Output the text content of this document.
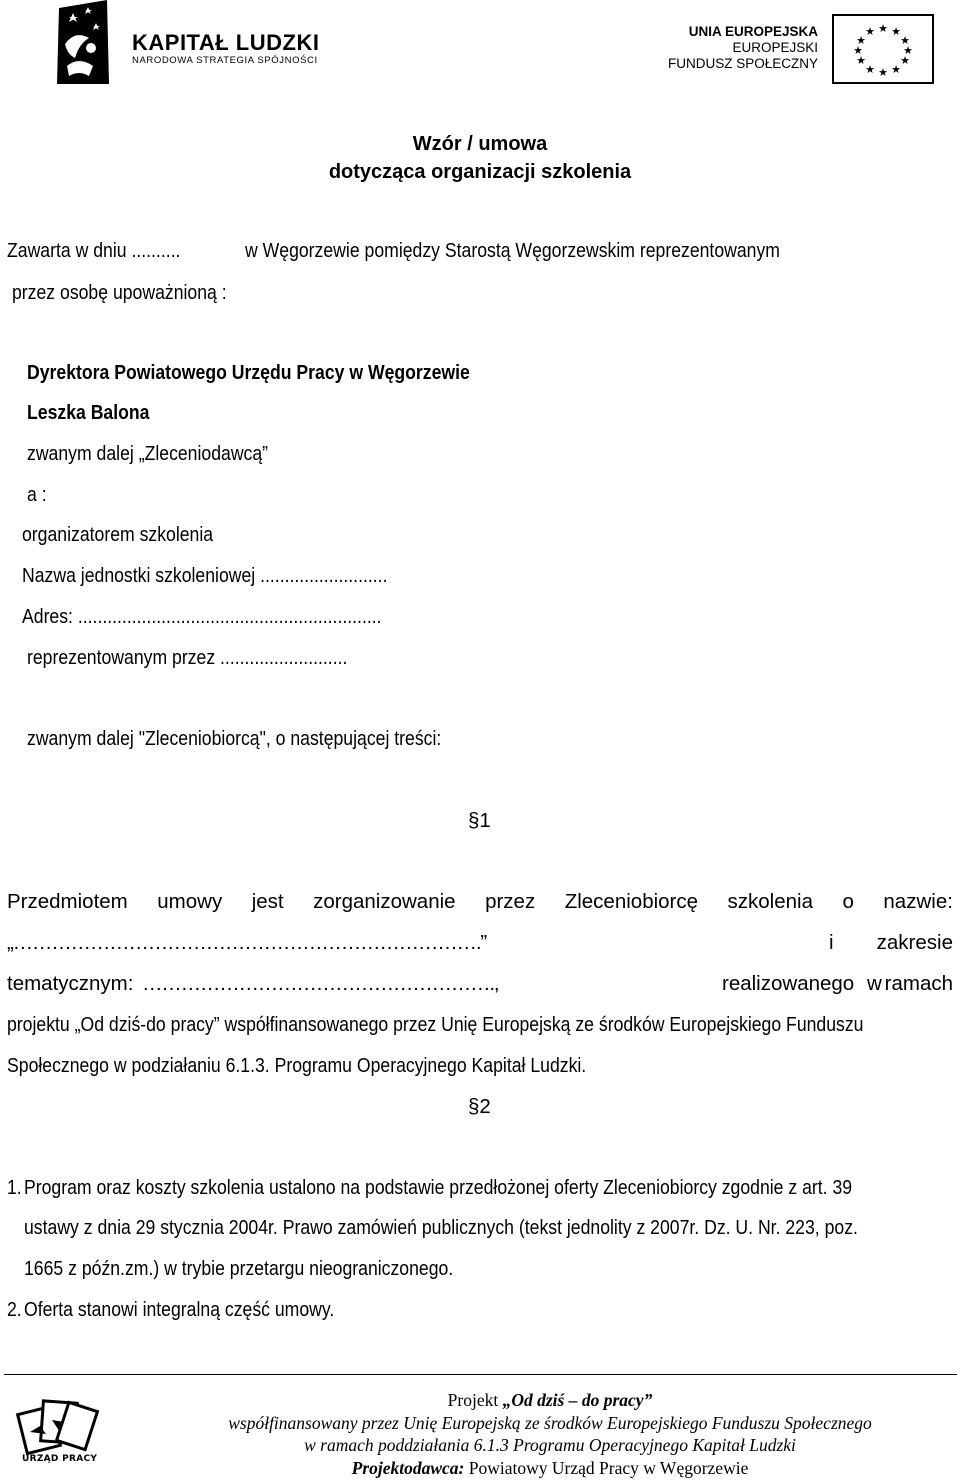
KAPITAŁ LUDZKI
NARODOWA STRATEGIA SPÓJNOŚCI
UNIA EUROPEJSKA
EUROPEJSKI
FUNDUSZ SPOŁECZNY
★ ★
★
★
★
★
★
★
★
★
★
★
Wzór / umowa
dotycząca organizacji szkolenia
Zawarta w dniu ..........	w Węgorzewie pomiędzy Starostą Węgorzewskim reprezentowanym
przez osobę upoważnioną :
Dyrektora Powiatowego Urzędu Pracy w Węgorzewie
Leszka Balona
zwanym dalej „Zleceniodawcą”
a :
organizatorem szkolenia
Nazwa jednostki szkoleniowej ..........................
Adres: ..............................................................
reprezentowanym przez ..........................
zwanym dalej "Zleceniobiorcą", o następującej treści:
§1
Przedmiotem umowy jest zorganizowanie przez Zleceniobiorcę szkolenia o nazwie:
„……………………………………………………………….”	i zakresie
tematycznym: ……………………………………………….,	realizowanego w ramach
projektu „Od dziś-do pracy” współfinansowanego przez Unię Europejską ze środków Europejskiego Funduszu
Społecznego w podziałaniu 6.1.3. Programu Operacyjnego Kapitał Ludzki.
§2
1. Program oraz koszty szkolenia ustalono na podstawie przedłożonej oferty Zleceniobiorcy zgodnie z art. 39
ustawy z dnia 29 stycznia 2004r. Prawo zamówień publicznych (tekst jednolity z 2007r. Dz. U. Nr. 223, poz.
1665 z późn.zm.) w trybie przetargu nieograniczonego.
2. Oferta stanowi integralną część umowy.
URZĄD PRACY
Projekt „Od dziś – do pracy”
współfinansowany przez Unię Europejską ze środków Europejskiego Funduszu Społecznego
w ramach poddziałania 6.1.3 Programu Operacyjnego Kapitał Ludzki
Projektodawca: Powiatowy Urząd Pracy w Węgorzewie
